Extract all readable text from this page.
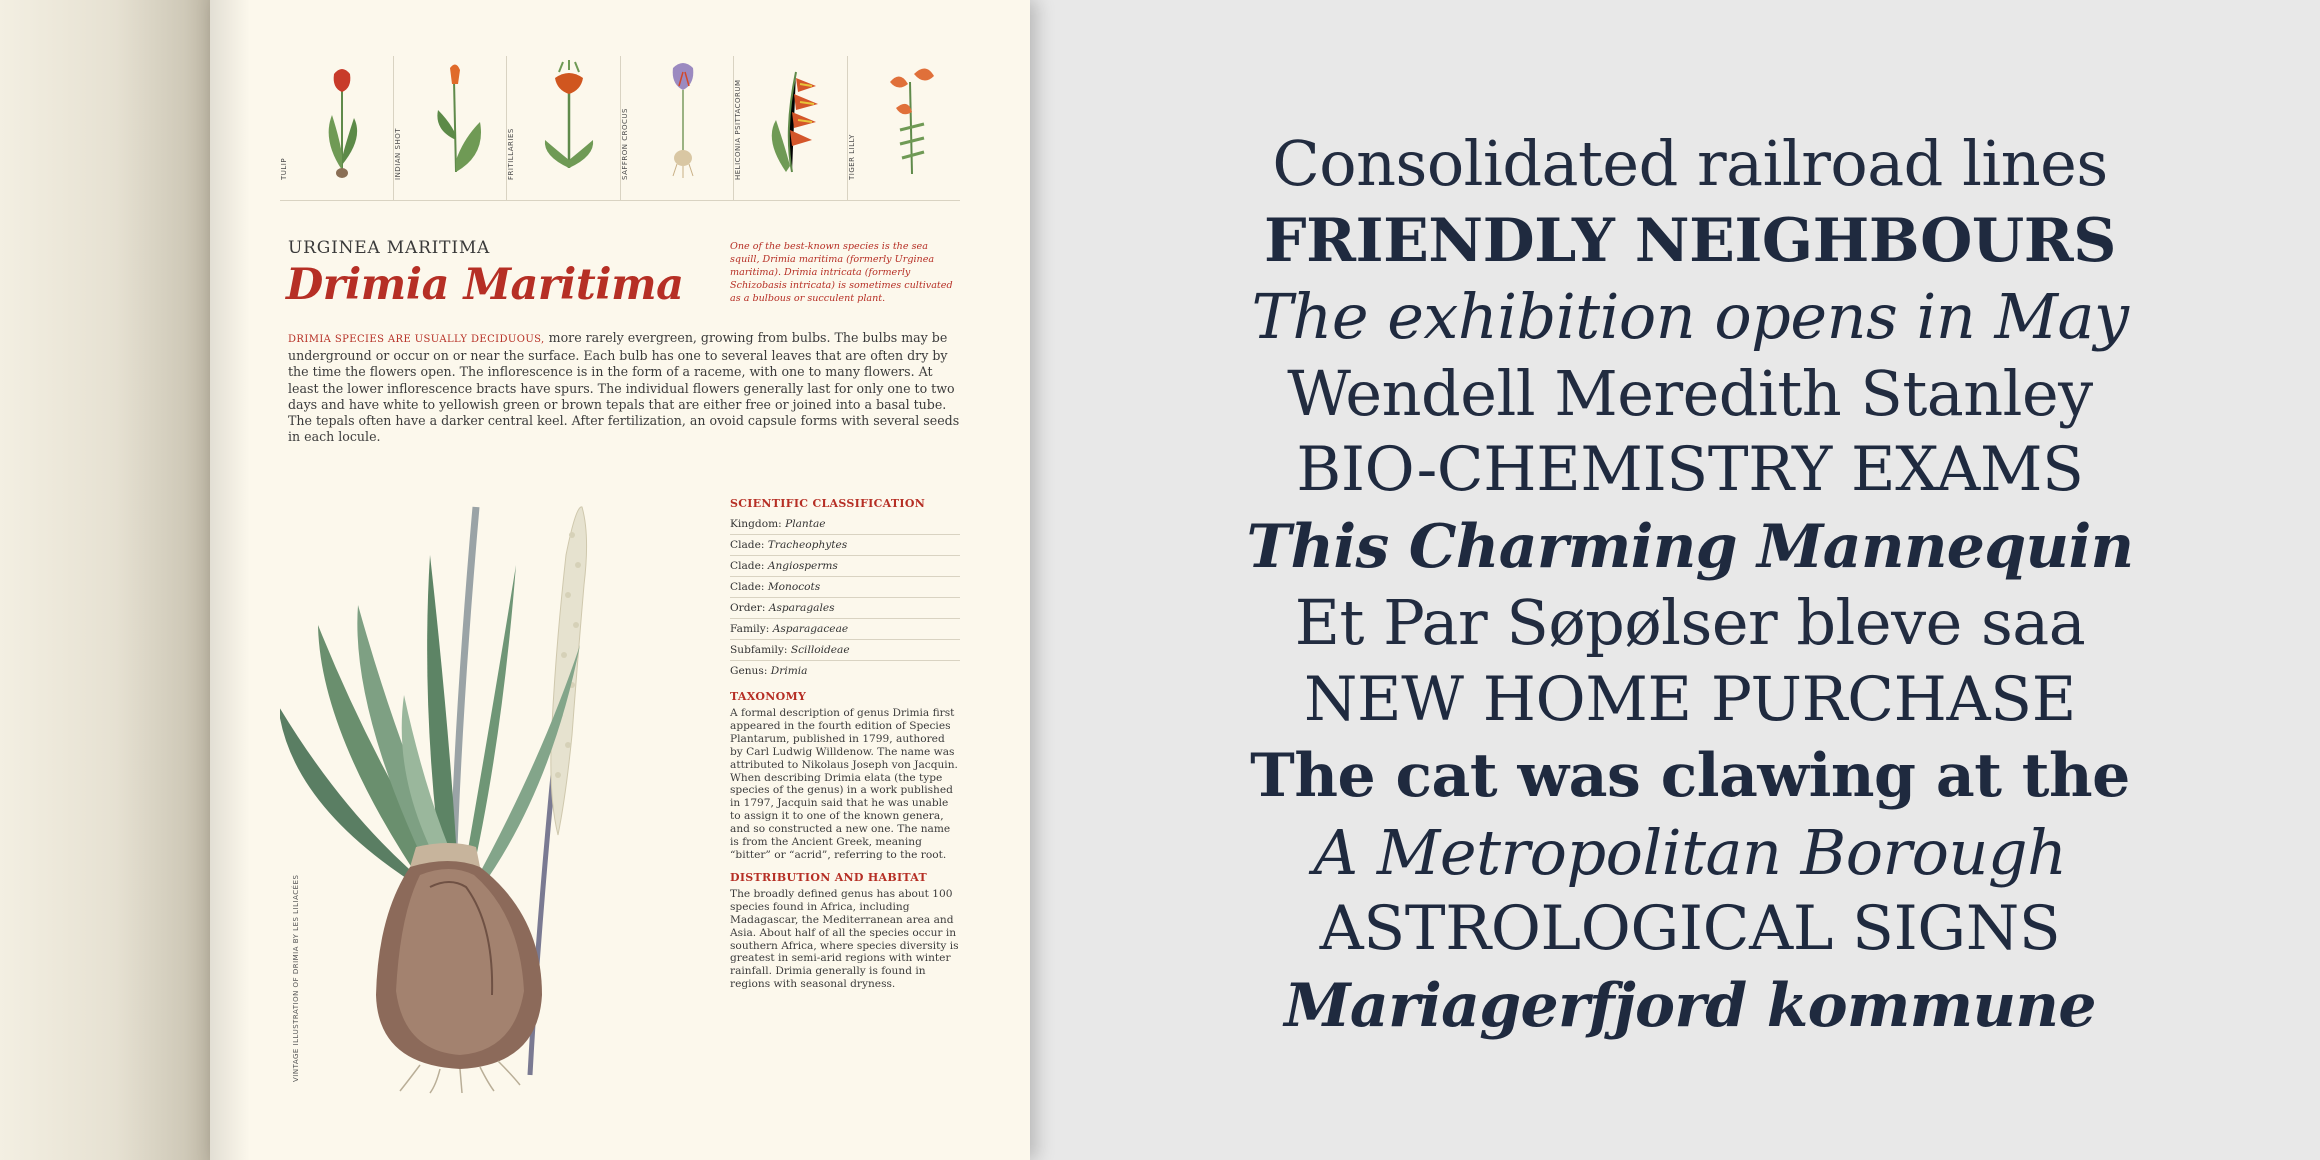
TULIP	INDIAN SHOT	FRITILLARIES	SAFFRON CROCUS	HELICONIA PSITTACORUM	TIGER LILLY
URGINEA MARITIMA
Drimia Maritima
One of the best-known species is the sea squill, Drimia maritima (formerly Urginea maritima). Drimia intricata (formerly Schizobasis intricata) is sometimes cultivated as a bulbous or succulent plant.
DRIMIA SPECIES ARE USUALLY DECIDUOUS, more rarely evergreen, growing from bulbs. The bulbs may be underground or occur on or near the surface. Each bulb has one to several leaves that are often dry by the time the flowers open. The inflorescence is in the form of a raceme, with one to many flowers. At least the lower inflorescence bracts have spurs. The individual flowers generally last for only one to two days and have white to yellowish green or brown tepals that are either free or joined into a basal tube. The tepals often have a darker central keel. After fertilization, an ovoid capsule forms with several seeds in each locule.
VINTAGE ILLUSTRATION OF DRIMIA BY LES LILIACÉES
SCIENTIFIC CLASSIFICATION
Kingdom: Plantae
Clade: Tracheophytes
Clade: Angiosperms
Clade: Monocots
Order: Asparagales
Family: Asparagaceae
Subfamily: Scilloideae
Genus: Drimia
TAXONOMY

A formal description of genus Drimia first appeared in the fourth edition of Species Plantarum, published in 1799, authored by Carl Ludwig Willdenow. The name was attributed to Nikolaus Joseph von Jacquin. When describing Drimia elata (the type species of the genus) in a work published in 1797, Jacquin said that he was unable to assign it to one of the known genera, and so constructed a new one. The name is from the Ancient Greek, meaning “bitter” or “acrid”, referring to the root.

DISTRIBUTION AND HABITAT

The broadly defined genus has about 100 species found in Africa, including Madagascar, the Mediterranean area and Asia. About half of all the species occur in southern Africa, where species diversity is greatest in semi-arid regions with winter rainfall. Drimia generally is found in regions with seasonal dryness.

Consolidated railroad lines
FRIENDLY NEIGHBOURS
The exhibition opens in May
Wendell Meredith Stanley
BIO-CHEMISTRY EXAMS
This Charming Mannequin
Et Par Søpølser bleve saa
NEW HOME PURCHASE
The cat was clawing at the
A Metropolitan Borough
ASTROLOGICAL SIGNS
Mariagerfjord kommune
